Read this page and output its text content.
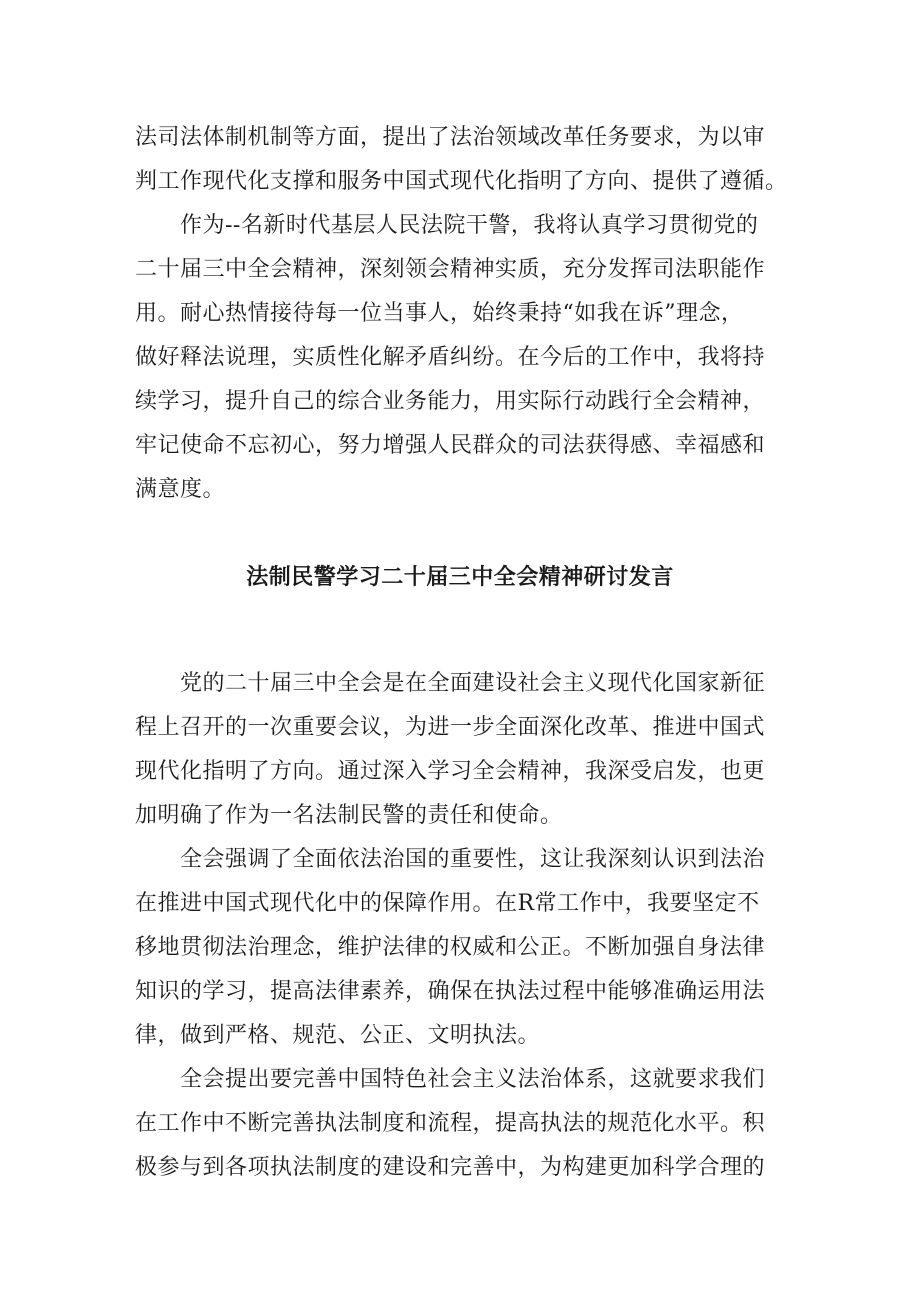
法司法体制机制等方面，提出了法治领域改革任务要求，为以审
判工作现代化支撑和服务中国式现代化指明了方向、提供了遵循。
　　作为--名新时代基层人民法院干警，我将认真学习贯彻党的
二十届三中全会精神，深刻领会精神实质，充分发挥司法职能作
用。耐心热情接待每一位当事人，始终秉持“如我在诉”理念，
做好释法说理，实质性化解矛盾纠纷。在今后的工作中，我将持
续学习，提升自己的综合业务能力，用实际行动践行全会精神，
牢记使命不忘初心，努力增强人民群众的司法获得感、幸福感和
满意度。
法制民警学习二十届三中全会精神研讨发言
　　党的二十届三中全会是在全面建设社会主义现代化国家新征
程上召开的一次重要会议，为进一步全面深化改革、推进中国式
现代化指明了方向。通过深入学习全会精神，我深受启发，也更
加明确了作为一名法制民警的责任和使命。
　　全会强调了全面依法治国的重要性，这让我深刻认识到法治
在推进中国式现代化中的保障作用。在R常工作中，我要坚定不
移地贯彻法治理念，维护法律的权威和公正。不断加强自身法律
知识的学习，提高法律素养，确保在执法过程中能够准确运用法
律，做到严格、规范、公正、文明执法。
　　全会提出要完善中国特色社会主义法治体系，这就要求我们
在工作中不断完善执法制度和流程，提高执法的规范化水平。积
极参与到各项执法制度的建设和完善中，为构建更加科学合理的
